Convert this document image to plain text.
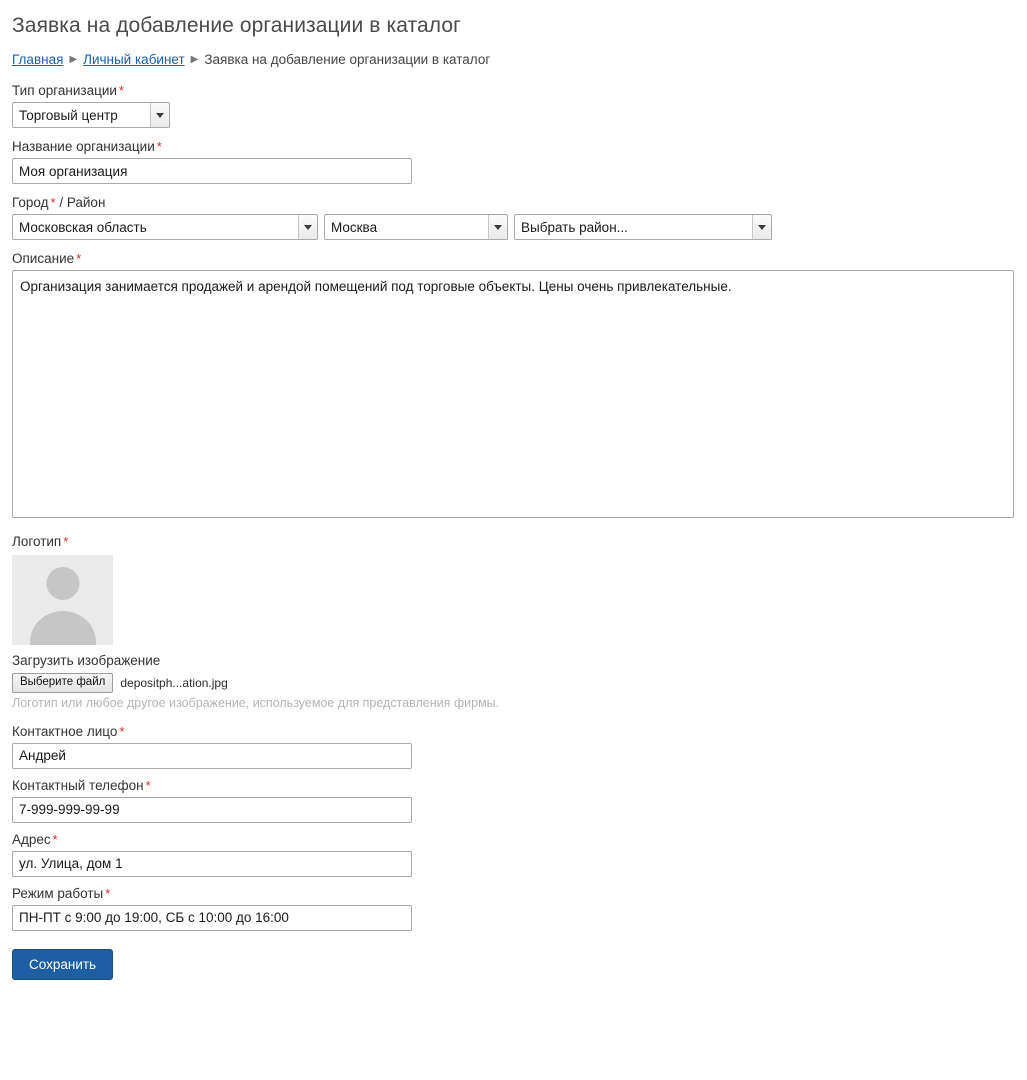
Заявка на добавление организации в каталог
Главная ▶ Личный кабинет ▶ Заявка на добавление организации в каталог
Тип организации *
Торговый центр
Название организации *
Моя организация
Город * / Район
Московская область
Москва
Выбрать район...
Описание *
Организация занимается продажей и арендой помещений под торговые объекты. Цены очень привлекательные.
Логотип *
Загрузить изображение
Выберите файл	depositph...ation.jpg
Логотип или любое другое изображение, используемое для представления фирмы.
Контактное лицо *
Андрей
Контактный телефон *
7-999-999-99-99
Адрес *
ул. Улица, дом 1
Режим работы *
ПН-ПТ с 9:00 до 19:00, СБ с 10:00 до 16:00
Сохранить
